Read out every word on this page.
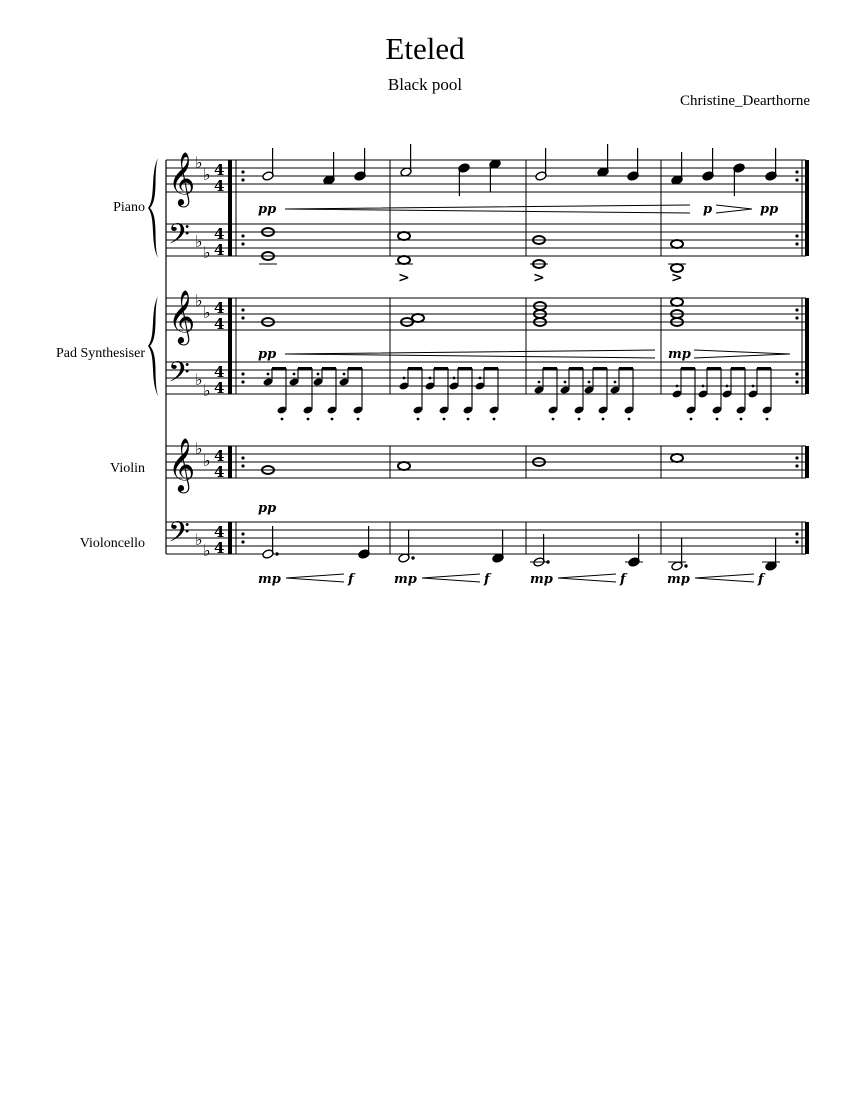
Eteled
Black pool
Christine_Dearthorne
Piano
Pad Synthesiser
Violin
Violoncello
𝄞 ♭
♭
𝄞 ♭
♭
𝄞 ♭
♭
𝄢 ♭
♭
𝄢 ♭
♭
𝄢 ♭
♭
4
4
4
4
4
4
4
4
4
4
4
4
>	>	>
pp	p	pp
pp	mp
pp
mp	f	mp	f	mp	f	mp	f
